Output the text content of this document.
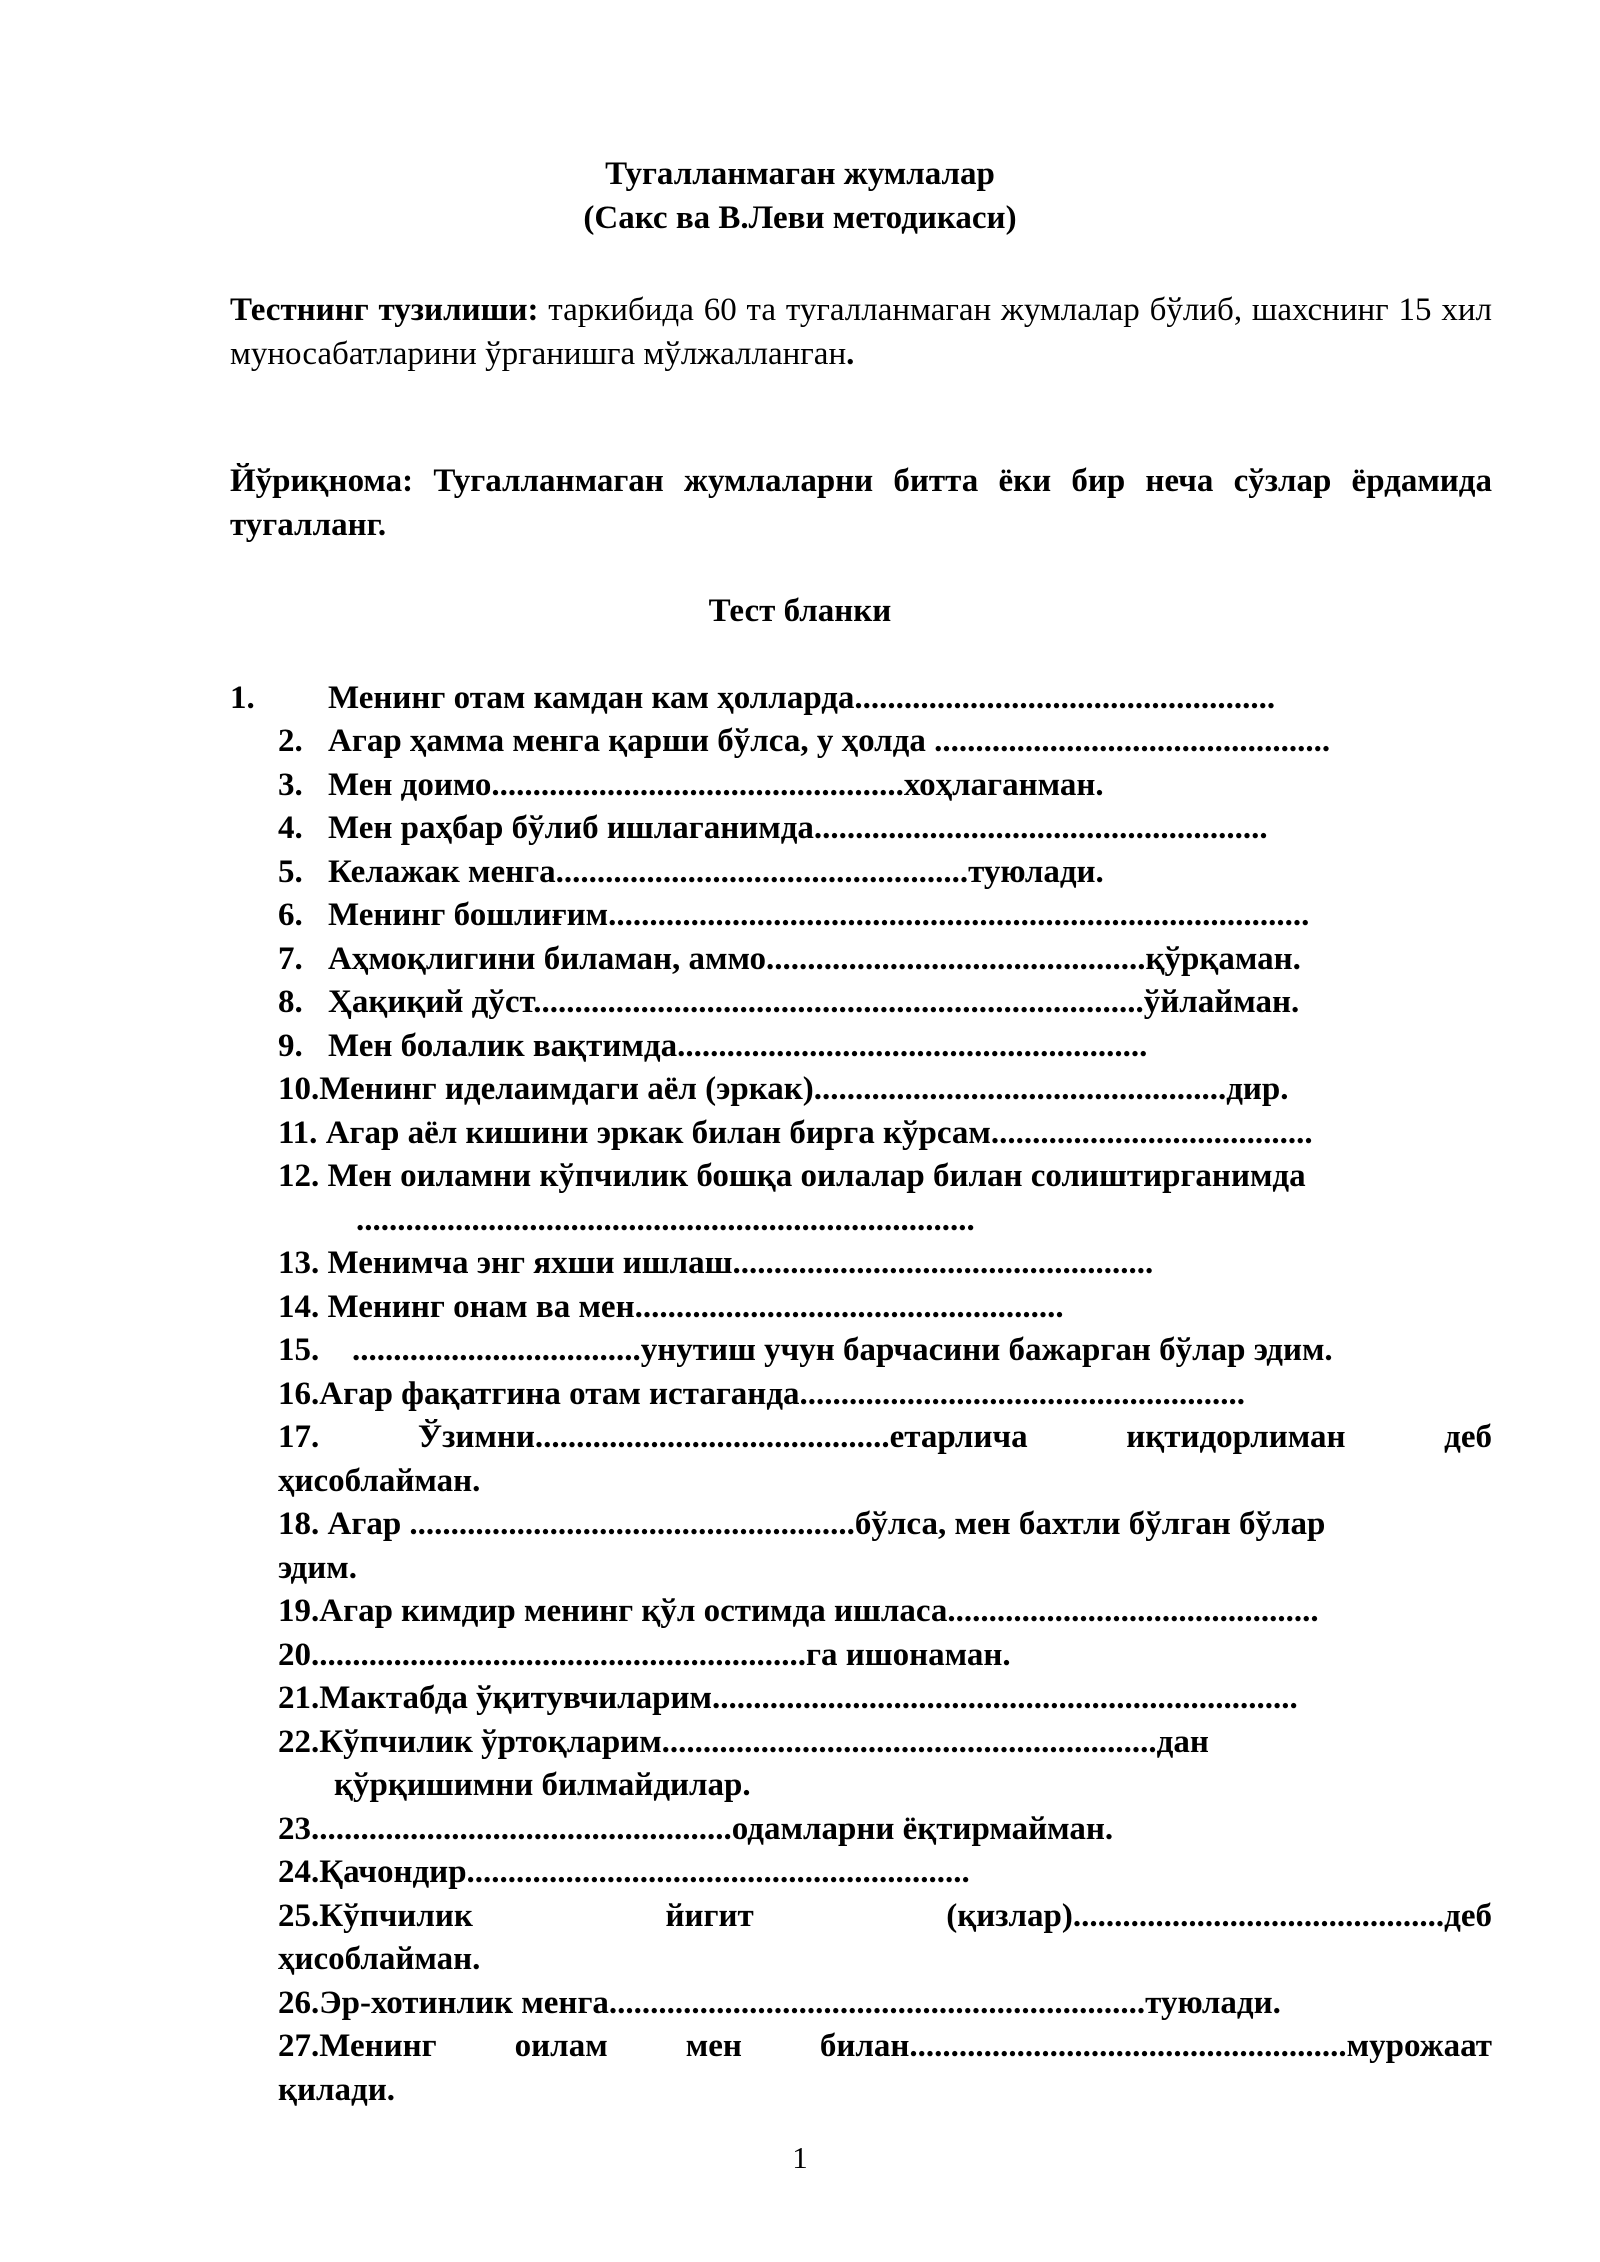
Тугалланмаган жумлалар
(Сакс ва В.Леви методикаси)
Тестнинг тузилиши: таркибида 60 та тугалланмаган жумлалар бўлиб, шахснинг 15 хил муносабатларини ўрганишга мўлжалланган.
Йўриқнома: Тугалланмаган жумлаларни битта ёки бир неча сўзлар ёрдамида тугалланг.
Тест бланки
1. Менинг отам камдан кам ҳолларда...................................................
2. Агар ҳамма менга қарши бўлса, у ҳолда ................................................
3. Мен доимо..................................................хоҳлаганман.
4. Мен раҳбар бўлиб ишлаганимда.......................................................
5. Келажак менга..................................................туюлади.
6. Менинг бошлиғим.....................................................................................
7. Аҳмоқлигини биламан, аммо..............................................қўрқаман.
8. Ҳақиқий дўст..........................................................................ўйлайман.
9. Мен болалик вақтимда.........................................................
10.Менинг иделаимдаги аёл (эркак)..................................................дир.
11. Агар аёл кишини эркак билан бирга кўрсам.......................................
12. Мен оиламни кўпчилик бошқа оилалар билан солиштирганимда
...........................................................................
13. Менимча энг яхши ишлаш...................................................
14. Менинг онам ва мен....................................................
15. ...................................унутиш учун барчасини бажарган бўлар эдим.
16.Агар фақатгина отам истаганда......................................................
17.	Ўзимни...........................................етарлича	иқтидорлиман	деб
ҳисоблайман.
18. Агар ......................................................бўлса, мен бахтли бўлган бўлар
эдим.
19.Агар кимдир менинг қўл остимда ишласа.............................................
20............................................................га ишонаман.
21.Мактабда ўқитувчиларим.......................................................................
22.Кўпчилик ўртоқларим............................................................дан
қўрқишимни билмайдилар.
23...................................................одамларни ёқтирмайман.
24.Қачондир.............................................................
25.Кўпчилик	йигит	(қизлар).............................................деб
ҳисоблайман.
26.Эр-хотинлик менга.................................................................туюлади.
27.Менинг оилам мен билан.....................................................мурожаат
қилади.
1
